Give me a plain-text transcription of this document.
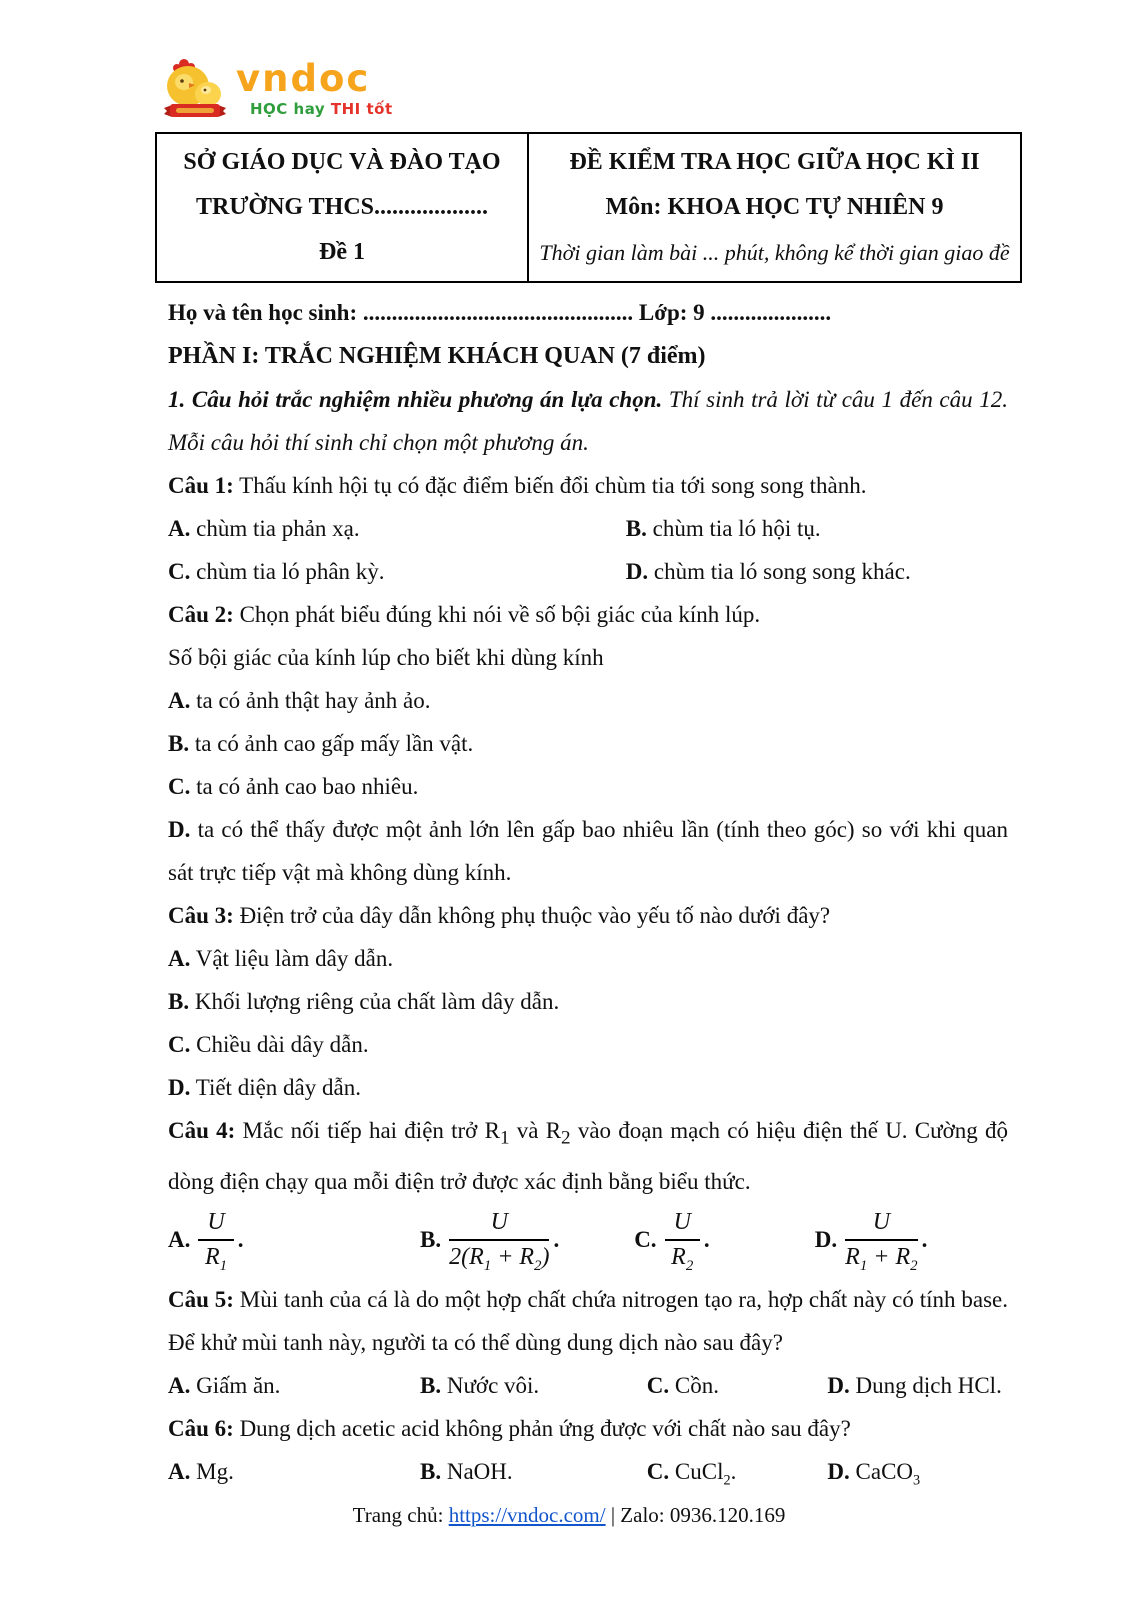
vndoc
HỌC hay THI tốt
SỞ GIÁO DỤC VÀ ĐÀO TẠO
TRƯỜNG THCS...................
Đề 1
ĐỀ KIỂM TRA HỌC GIỮA HỌC KÌ II
Môn: KHOA HỌC TỰ NHIÊN 9
Thời gian làm bài ... phút, không kể thời gian giao đề

Họ và tên học sinh: ............................................... Lớp: 9 .....................

PHẦN I: TRẮC NGHIỆM KHÁCH QUAN (7 điểm)

1. Câu hỏi trắc nghiệm nhiều phương án lựa chọn. Thí sinh trả lời từ câu 1 đến câu 12. Mỗi câu hỏi thí sinh chỉ chọn một phương án.

Câu 1: Thấu kính hội tụ có đặc điểm biến đổi chùm tia tới song song thành.

A. chùm tia phản xạ.	B. chùm tia ló hội tụ.

C. chùm tia ló phân kỳ.	D. chùm tia ló song song khác.

Câu 2: Chọn phát biểu đúng khi nói về số bội giác của kính lúp.

Số bội giác của kính lúp cho biết khi dùng kính

A. ta có ảnh thật hay ảnh ảo.

B. ta có ảnh cao gấp mấy lần vật.

C. ta có ảnh cao bao nhiêu.

D. ta có thể thấy được một ảnh lớn lên gấp bao nhiêu lần (tính theo góc) so với khi quan sát trực tiếp vật mà không dùng kính.

Câu 3: Điện trở của dây dẫn không phụ thuộc vào yếu tố nào dưới đây?

A. Vật liệu làm dây dẫn.

B. Khối lượng riêng của chất làm dây dẫn.

C. Chiều dài dây dẫn.

D. Tiết diện dây dẫn.

Câu 4: Mắc nối tiếp hai điện trở $R_1$ và $R_2$ vào đoạn mạch có hiệu điện thế U. Cường độ dòng điện chạy qua mỗi điện trở được xác định bằng biểu thức.

A. $\frac{U}{R_1}$ .	B. $\frac{U}{2(R_1 + R_2)}$ .	C. $\frac{U}{R_2}$ .	D. $\frac{U}{R_1 + R_2}$ .

Câu 5: Mùi tanh của cá là do một hợp chất chứa nitrogen tạo ra, hợp chất này có tính base. Để khử mùi tanh này, người ta có thể dùng dung dịch nào sau đây?

A. Giấm ăn.	B. Nước vôi.	C. Cồn.	D. Dung dịch HCl.

Câu 6: Dung dịch acetic acid không phản ứng được với chất nào sau đây?

A. Mg.	B. NaOH.	C. CuCl$_2$.	D. CaCO$_3$

Trang chủ: https://vndoc.com/ | Zalo: 0936.120.169
